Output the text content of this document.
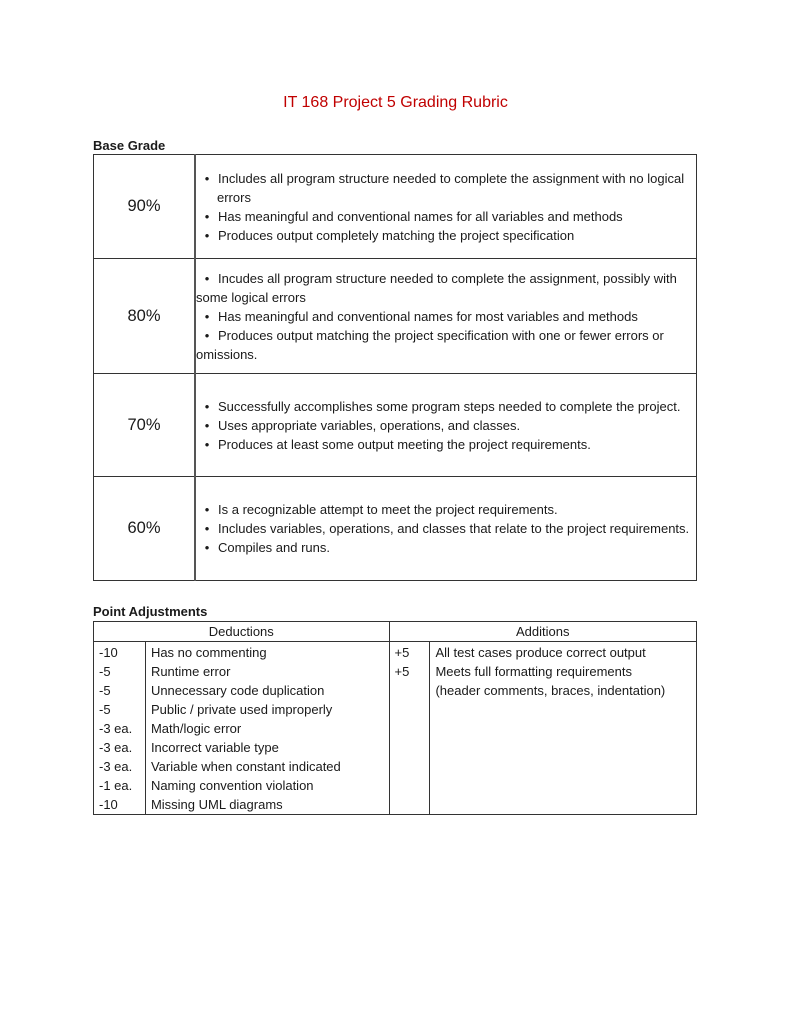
IT 168 Project 5 Grading Rubric
Base Grade
90%	• Includes all program structure needed to complete the assignment with no logical errors
• Has meaningful and conventional names for all variables and methods
• Produces output completely matching the project specification

80%	• Incudes all program structure needed to complete the assignment, possibly with some logical errors
• Has meaningful and conventional names for most variables and methods
• Produces output matching the project specification with one or fewer errors or omissions.

70%	• Successfully accomplishes some program steps needed to complete the project.
• Uses appropriate variables, operations, and classes.
• Produces at least some output meeting the project requirements.

60%	• Is a recognizable attempt to meet the project requirements.
• Includes variables, operations, and classes that relate to the project requirements.
• Compiles and runs.
Point Adjustments
Deductions		Additions	
-10	Has no commenting	+5	All test cases produce correct output
-5	Runtime error	+5	Meets full formatting requirements
-5	Unnecessary code duplication		(header comments, braces, indentation)
-5	Public / private used improperly		
-3 ea.	Math/logic error		
-3 ea.	Incorrect variable type		
-3 ea.	Variable when constant indicated		
-1 ea.	Naming convention violation		
-10	Missing UML diagrams		
